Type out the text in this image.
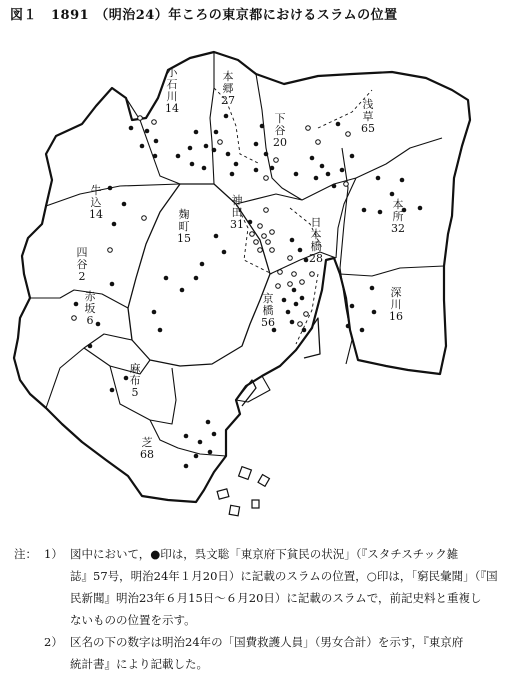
図１ 1891 （明治24）年ころの東京都におけるスラムの位置
小石川
14
本郷
27
下谷
20
浅草
65
牛込
14
神田
31
本所
32
麹町
15
日本橋
28
四谷
2
深川
16
赤坂
6
京橋
56
麻布
5
芝
68
注： 1） 図中において，●印は，呉文聡「東京府下貧民の状況」（『スタチスチック雑
誌』57号，明治24年１月20日）に記載のスラムの位置，○印は，「窮民彙聞」（『国
民新聞』明治23年６月15日～６月20日）に記載のスラムで，前記史料と重複し
ないものの位置を示す。
2） 区名の下の数字は明治24年の「国費救護人員」（男女合計）を示す，『東京府
統計書』により記載した。
